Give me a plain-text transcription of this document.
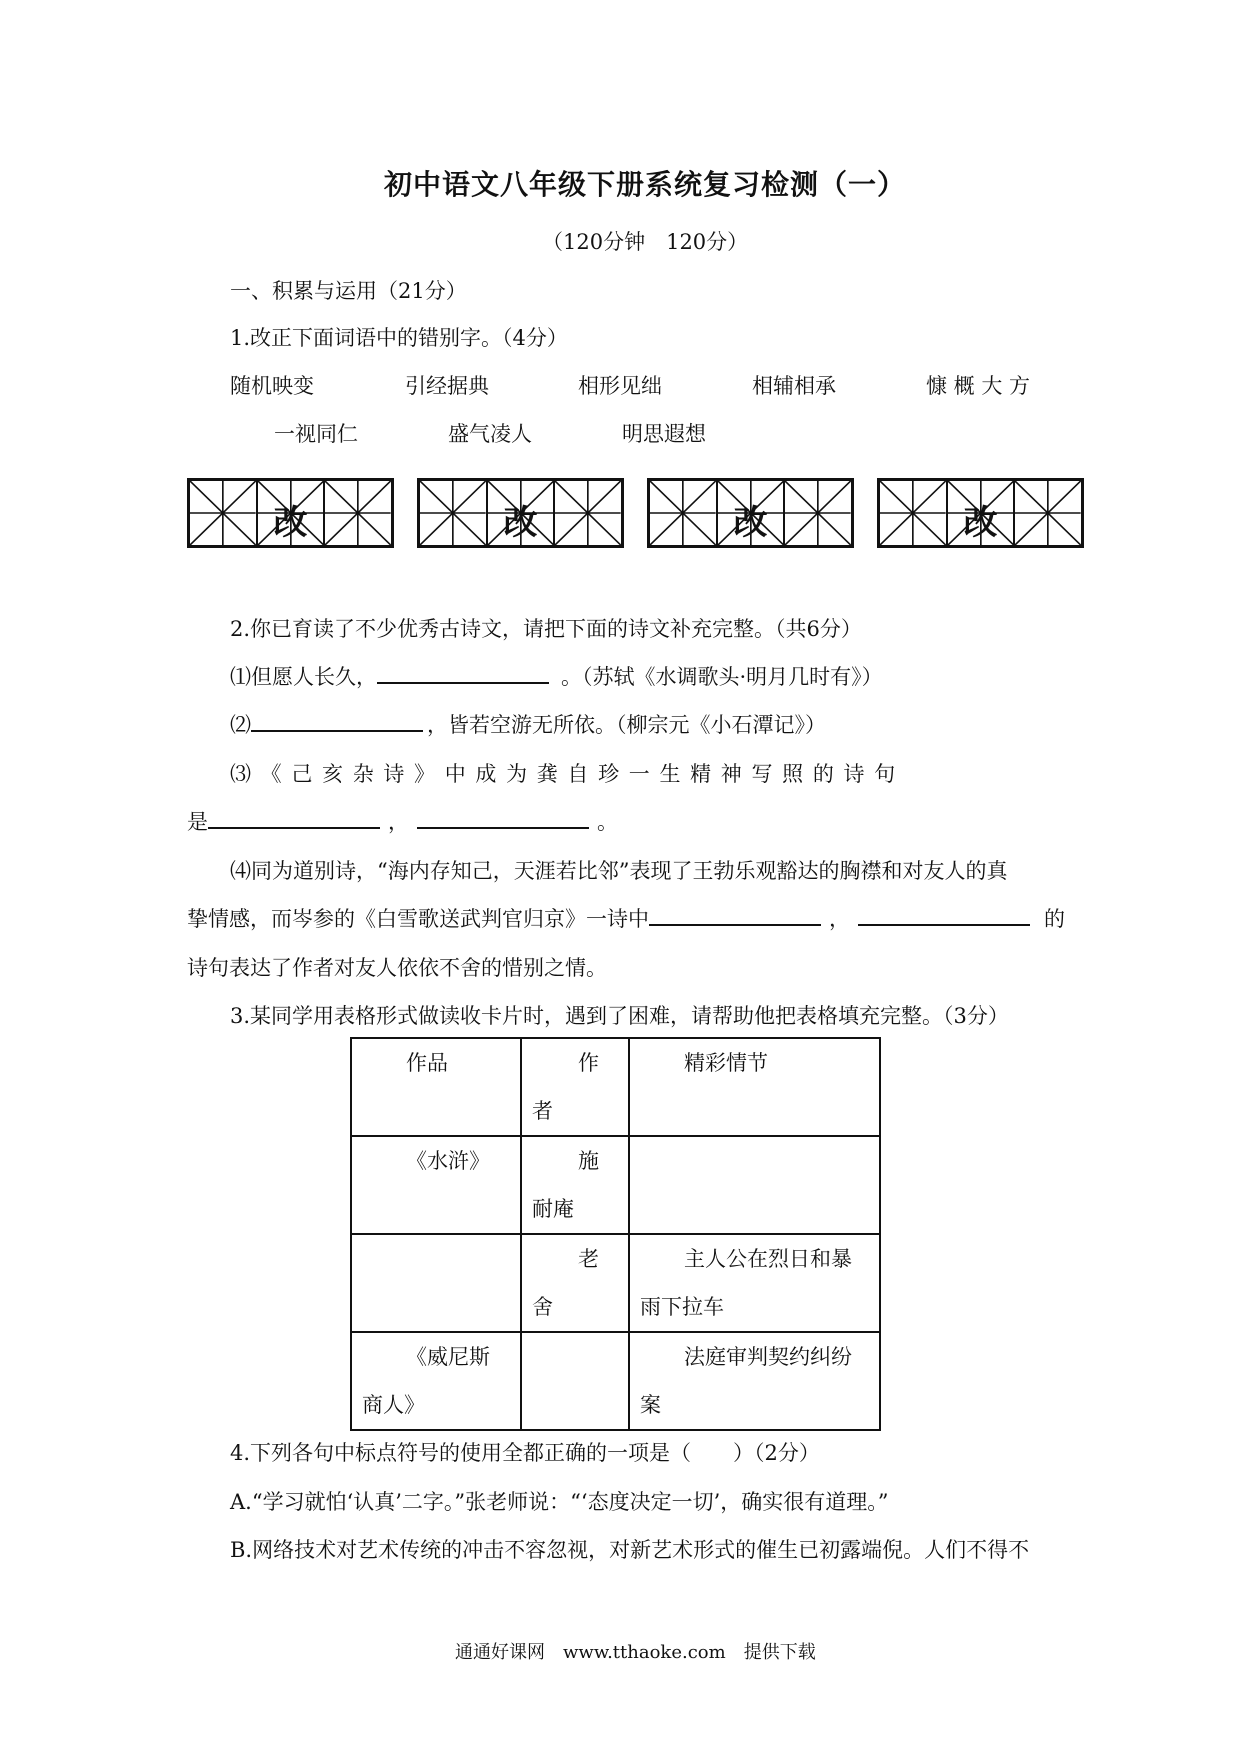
初中语文八年级下册系统复习检测（一）
（120分钟　120分）
一、积累与运用（21分）
1.改正下面词语中的错别字。（4分）
随机映变	引经据典	相形见绌	相辅相承	慷 概 大 方
一视同仁	盛气凌人	明思遐想
改	改	改	改
2.你已育读了不少优秀古诗文，请把下面的诗文补充完整。（共6分）
⑴但愿人长久，	。（苏轼《水调歌头·明月几时有》）
⑵	，皆若空游无所依。（柳宗元《小石潭记》）
⑶ 《 己 亥 杂 诗 》 中 成 为 龚 自 珍 一 生 精 神 写 照 的 诗 句
是	，	。
⑷同为道别诗，“海内存知己，天涯若比邻”表现了王勃乐观豁达的胸襟和对友人的真
挚情感，而岑参的《白雪歌送武判官归京》一诗中	，	的
诗句表达了作者对友人依依不舍的惜别之情。
3.某同学用表格形式做读收卡片时，遇到了困难，请帮助他把表格填充完整。（3分）
作品	作者	精彩情节
《水浒》	施耐庵	
	老舍	主人公在烈日和暴雨下拉车
《威尼斯商人》		法庭审判契约纠纷案
4.下列各句中标点符号的使用全都正确的一项是（　　）（2分）
A.“学习就怕‘认真’二字。”张老师说：“‘态度决定一切’，确实很有道理。”
B.网络技术对艺术传统的冲击不容忽视，对新艺术形式的催生已初露端倪。人们不得不
通通好课网　www.tthaoke.com　提供下载
